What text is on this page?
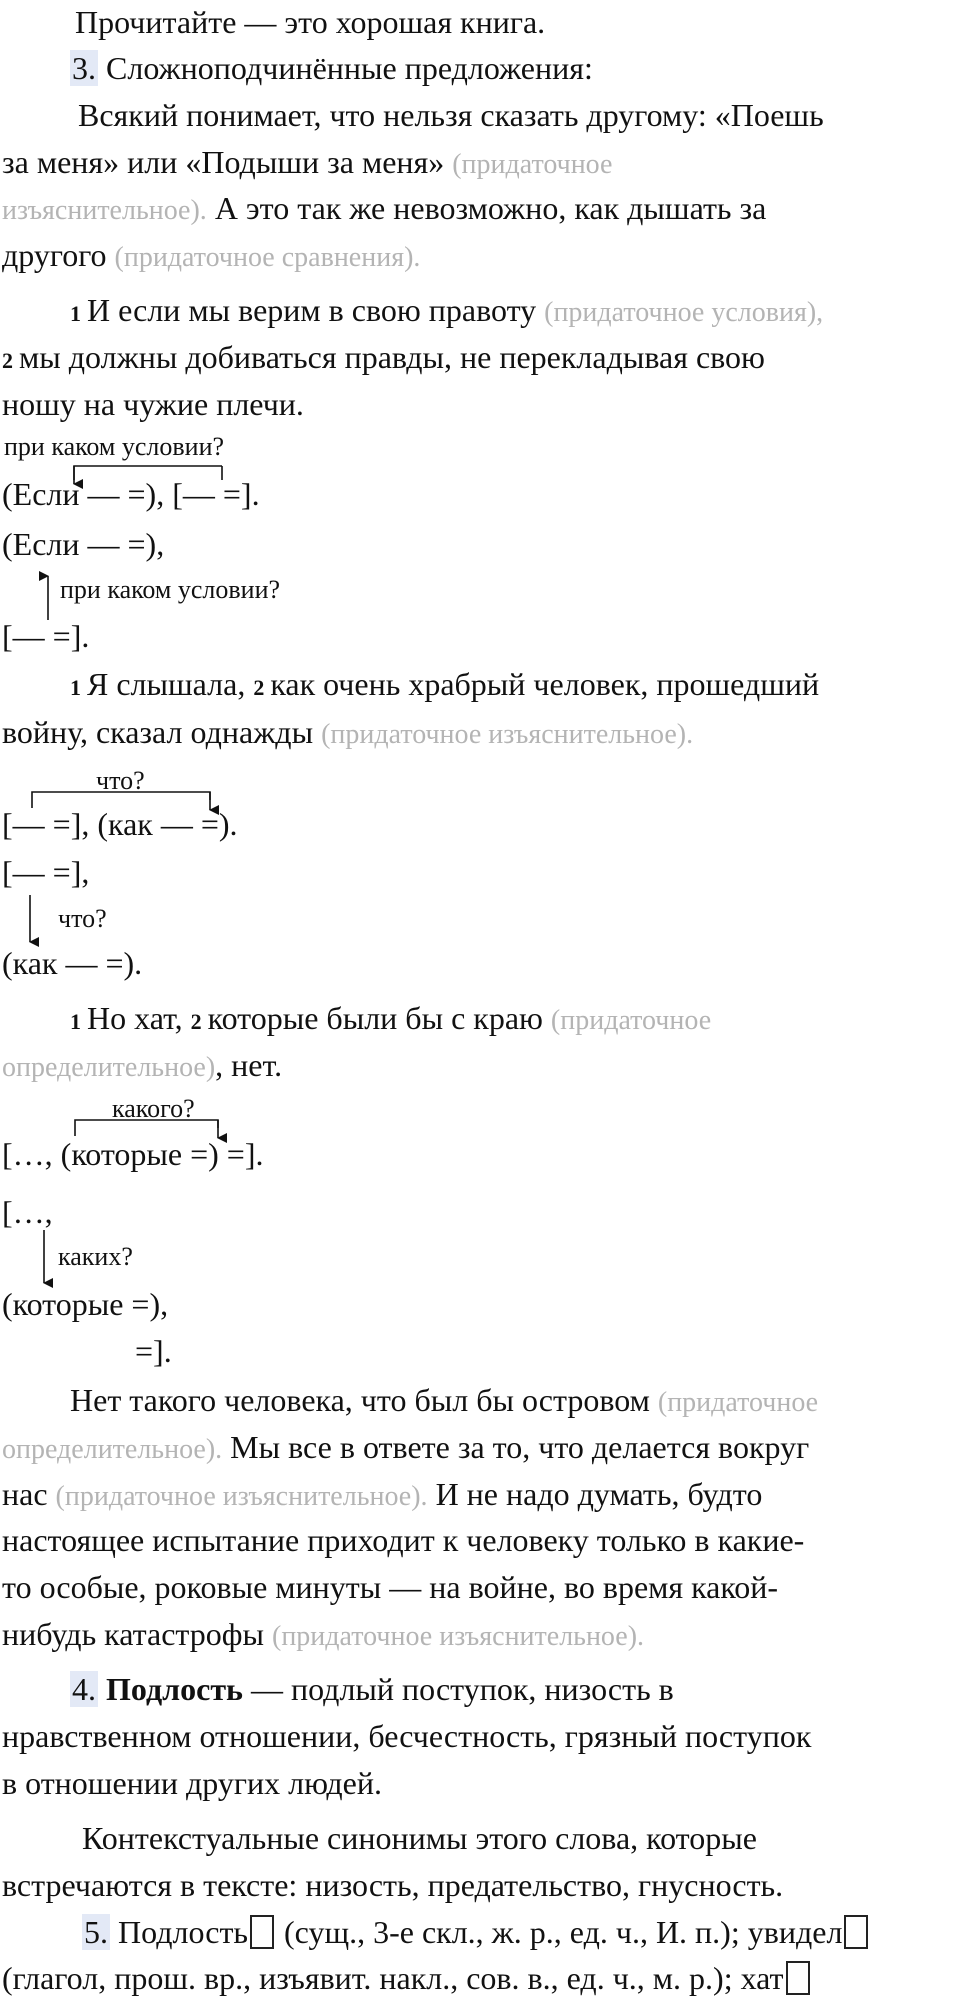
Прочитайте — это хорошая книга.
3. Сложноподчинённые предложения:
Всякий понимает, что нельзя сказать другому: «Поешь
за меня» или «Подыши за меня» (придаточное
изъяснительное). А это так же невозможно, как дышать за
другого (придаточное сравнения).
1 И если мы верим в свою правоту (придаточное условия),
2 мы должны добиваться правды, не перекладывая свою
ношу на чужие плечи.
при каком условии?
(Если — =), [— =].
(Если — =),
при каком условии?
[— =].
1 Я слышала, 2 как очень храбрый человек, прошедший
войну, сказал однажды (придаточное изъяснительное).
что?
[— =], (как — =).
[— =],
что?
(как — =).
1 Но хат, 2 которые были бы с краю (придаточное
определительное), нет.
какого?
[…, (которые =) =].
[…,
каких?
(которые =),
=].
Нет такого человека, что был бы островом (придаточное
определительное). Мы все в ответе за то, что делается вокруг
нас (придаточное изъяснительное). И не надо думать, будто
настоящее испытание приходит к человеку только в какие-
то особые, роковые минуты — на войне, во время какой-
нибудь катастрофы (придаточное изъяснительное).
4. Подлость — подлый поступок, низость в
нравственном отношении, бесчестность, грязный поступок
в отношении других людей.
Контекстуальные синонимы этого слова, которые
встречаются в тексте: низость, предательство, гнусность.
5. Подлость (сущ., 3-е скл., ж. р., ед. ч., И. п.); увидел
(глагол, прош. вр., изъявит. накл., сов. в., ед. ч., м. р.); хат
